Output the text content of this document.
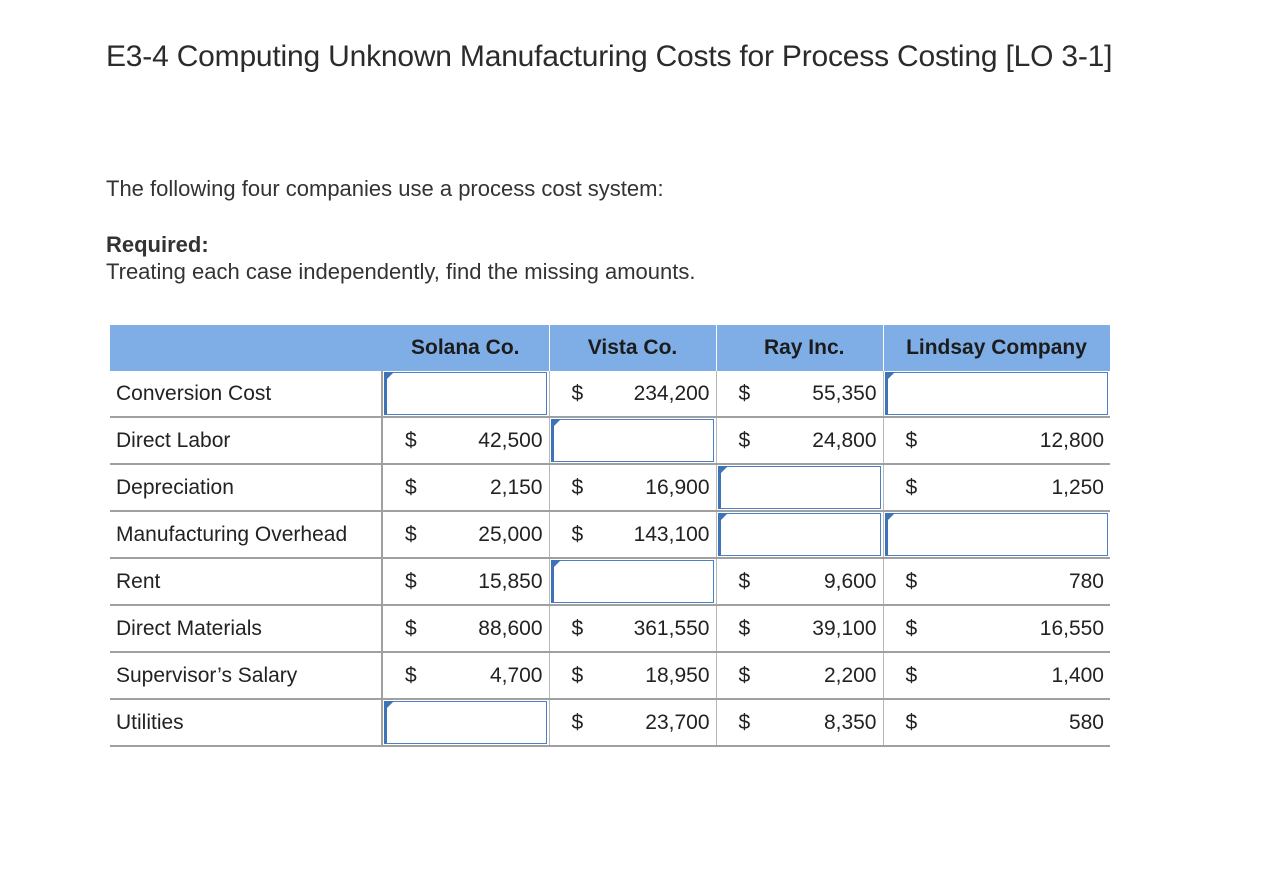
E3-4 Computing Unknown Manufacturing Costs for Process Costing [LO 3-1]

The following four companies use a process cost system:

Required:

Treating each case independently, find the missing amounts.

	Solana Co.	Vista Co.	Ray Inc.	Lindsay Company
Conversion Cost		$ 234,200	$ 55,350	

Direct Labor	$ 42,500		$ 24,800	$ 12,800

Depreciation	$ 2,150	$ 16,900		$ 1,250

Manufacturing Overhead	$ 25,000	$ 143,100		

Rent	$ 15,850		$ 9,600	$ 780

Direct Materials	$ 88,600	$ 361,550	$ 39,100	$ 16,550

Supervisor’s Salary	$ 4,700	$ 18,950	$ 2,200	$ 1,400

Utilities		$ 23,700	$ 8,350	$ 580
